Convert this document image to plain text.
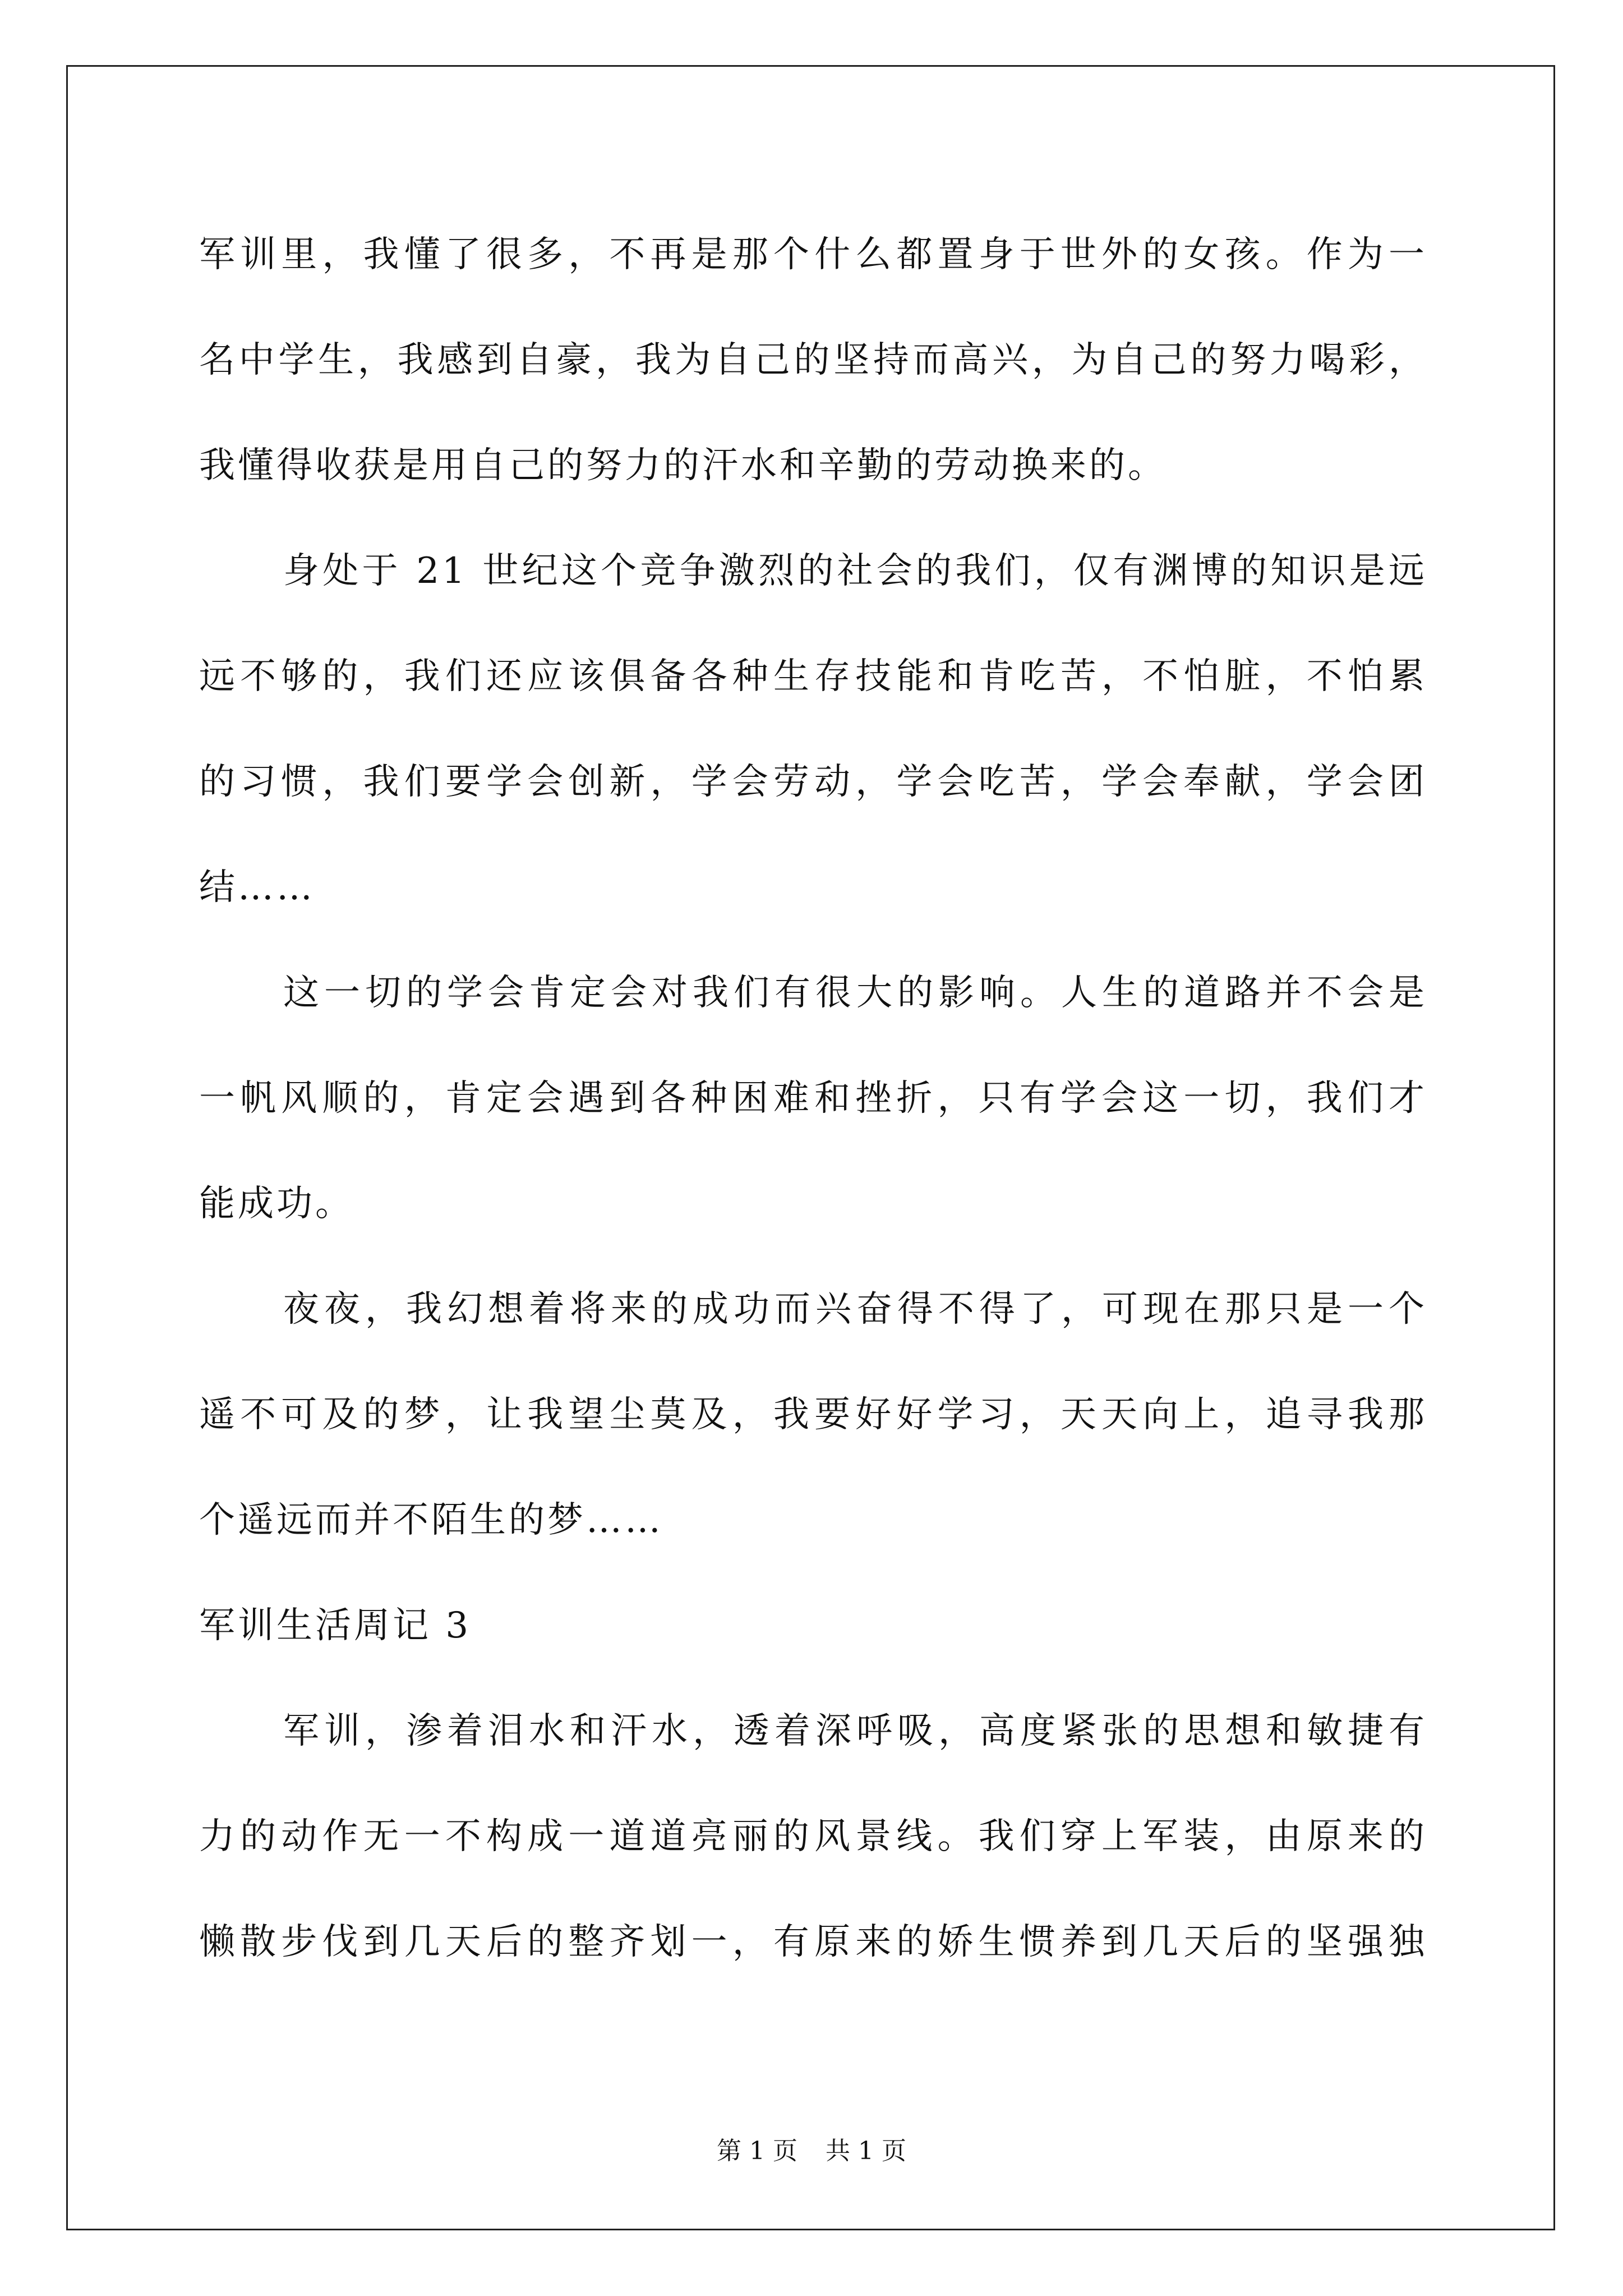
军训里，我懂了很多，不再是那个什么都置身于世外的女孩。作为一
名中学生，我感到自豪，我为自己的坚持而高兴，为自己的努力喝彩，
我懂得收获是用自己的努力的汗水和辛勤的劳动换来的。
身处于 21 世纪这个竞争激烈的社会的我们，仅有渊博的知识是远
远不够的，我们还应该俱备各种生存技能和肯吃苦，不怕脏，不怕累
的习惯，我们要学会创新，学会劳动，学会吃苦，学会奉献，学会团
结……
这一切的学会肯定会对我们有很大的影响。人生的道路并不会是
一帆风顺的，肯定会遇到各种困难和挫折，只有学会这一切，我们才
能成功。
夜夜，我幻想着将来的成功而兴奋得不得了，可现在那只是一个
遥不可及的梦，让我望尘莫及，我要好好学习，天天向上，追寻我那
个遥远而并不陌生的梦……
军训生活周记 3
军训，渗着泪水和汗水，透着深呼吸，高度紧张的思想和敏捷有
力的动作无一不构成一道道亮丽的风景线。我们穿上军装，由原来的
懒散步伐到几天后的整齐划一，有原来的娇生惯养到几天后的坚强独
第 1 页 共 1 页
